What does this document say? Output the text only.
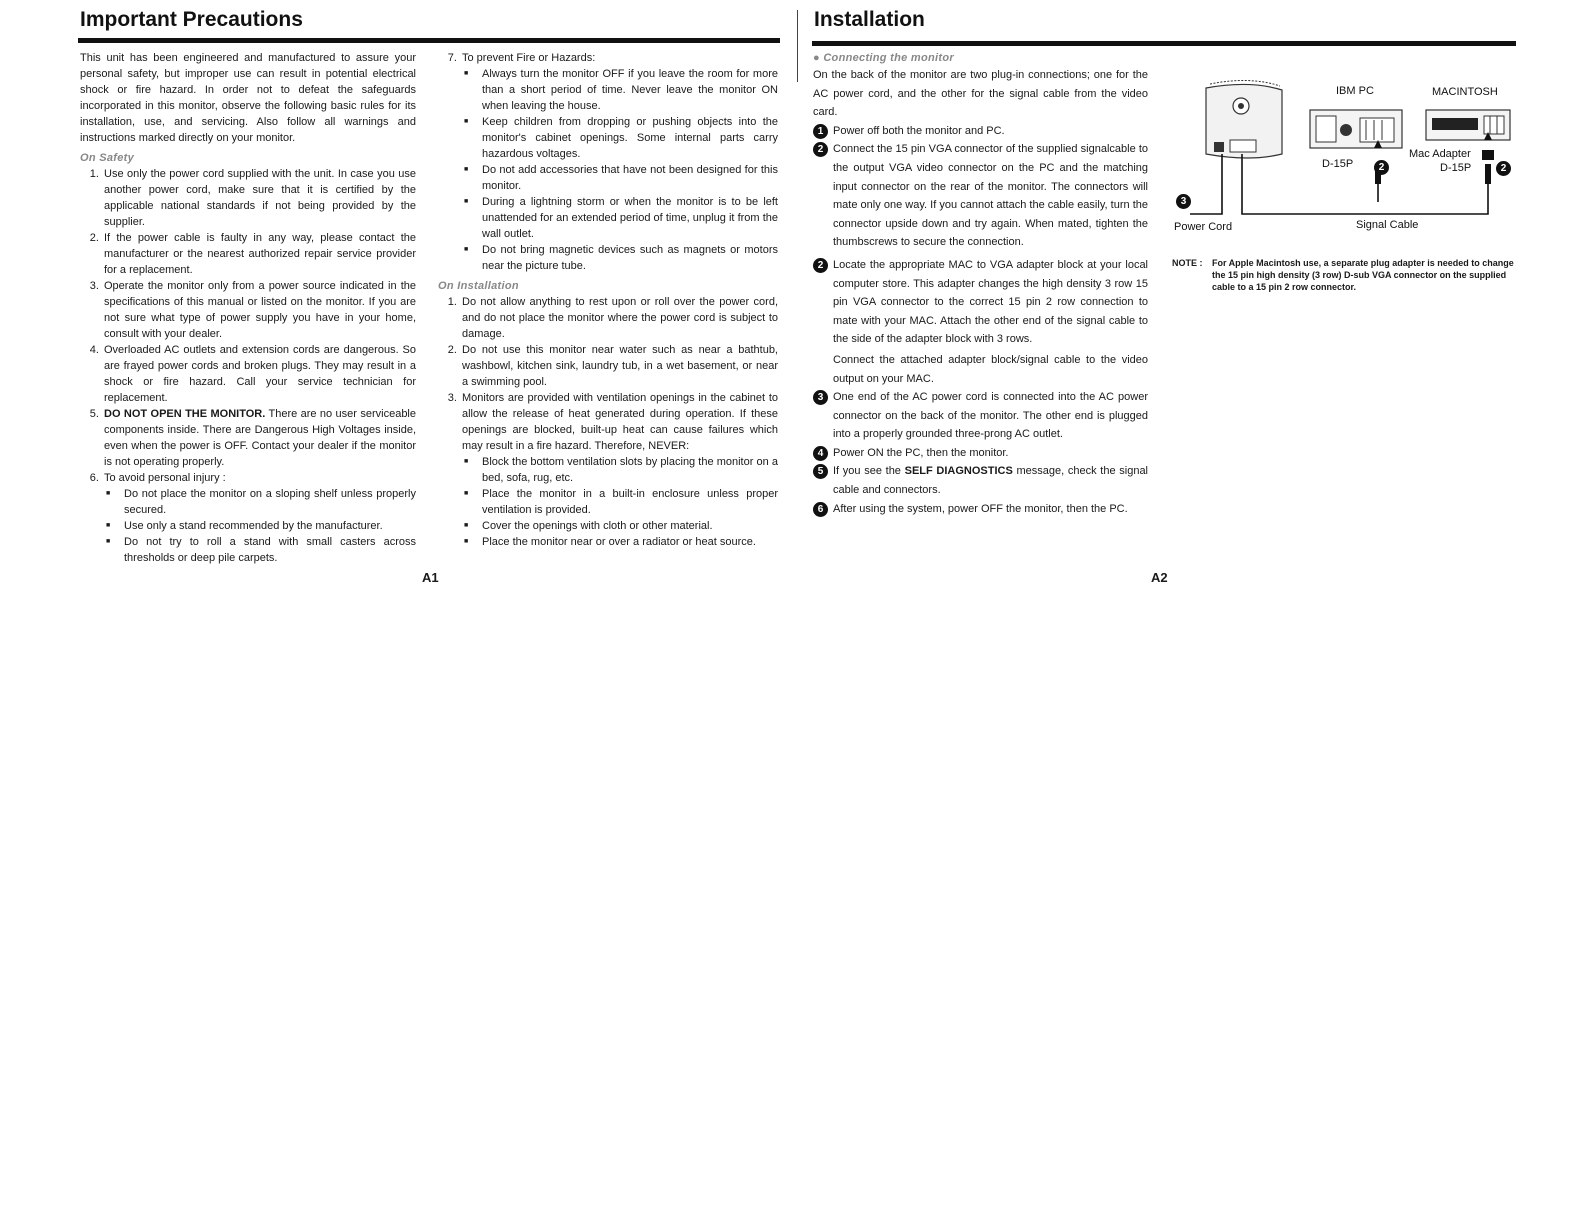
Important Precautions
This unit has been engineered and manufactured to assure your personal safety, but improper use can result in potential electrical shock or fire hazard. In order not to defeat the safeguards incorporated in this monitor, observe the following basic rules for its installation, use, and servicing. Also follow all warnings and instructions marked directly on your monitor.
On Safety
1. Use only the power cord supplied with the unit. In case you use another power cord, make sure that it is certified by the applicable national standards if not being provided by the supplier.
2. If the power cable is faulty in any way, please contact the manufacturer or the nearest authorized repair service provider for a replacement.
3. Operate the monitor only from a power source indicated in the specifications of this manual or listed on the monitor. If you are not sure what type of power supply you have in your home, consult with your dealer.
4. Overloaded AC outlets and extension cords are dangerous. So are frayed power cords and broken plugs. They may result in a shock or fire hazard. Call your service technician for replacement.
5. DO NOT OPEN THE MONITOR. There are no user serviceable components inside. There are Dangerous High Voltages inside, even when the power is OFF. Contact your dealer if the monitor is not operating properly.
6. To avoid personal injury :
■ Do not place the monitor on a sloping shelf unless properly secured.
■ Use only a stand recommended by the manufacturer.
■ Do not try to roll a stand with small casters across thresholds or deep pile carpets.
7. To prevent Fire or Hazards:
■ Always turn the monitor OFF if you leave the room for more than a short period of time. Never leave the monitor ON when leaving the house.
■ Keep children from dropping or pushing objects into the monitor's cabinet openings. Some internal parts carry hazardous voltages.
■ Do not add accessories that have not been designed for this monitor.
■ During a lightning storm or when the monitor is to be left unattended for an extended period of time, unplug it from the wall outlet.
■ Do not bring magnetic devices such as magnets or motors near the picture tube.
On Installation
1. Do not allow anything to rest upon or roll over the power cord, and do not place the monitor where the power cord is subject to damage.
2. Do not use this monitor near water such as near a bathtub, washbowl, kitchen sink, laundry tub, in a wet basement, or near a swimming pool.
3. Monitors are provided with ventilation openings in the cabinet to allow the release of heat generated during operation. If these openings are blocked, built-up heat can cause failures which may result in a fire hazard. Therefore, NEVER:
■ Block the bottom ventilation slots by placing the monitor on a bed, sofa, rug, etc.
■ Place the monitor in a built-in enclosure unless proper ventilation is provided.
■ Cover the openings with cloth or other material.
■ Place the monitor near or over a radiator or heat source.
A1
Installation
● Connecting the monitor
On the back of the monitor are two plug-in connections; one for the AC power cord, and the other for the signal cable from the video card.
1 Power off both the monitor and PC.
2 Connect the 15 pin VGA connector of the supplied signalcable to the output VGA video connector on the PC and the matching input connector on the rear of the monitor. The connectors will mate only one way. If you cannot attach the cable easily, turn the connector upside down and try again. When mated, tighten the thumbscrews to secure the connection.
2 Locate the appropriate MAC to VGA adapter block at your local computer store. This adapter changes the high density 3 row 15 pin VGA connector to the correct 15 pin 2 row connection to mate with your MAC. Attach the other end of the signal cable to the side of the adapter block with 3 rows.
Connect the attached adapter block/signal cable to the video output on your MAC.
3 One end of the AC power cord is connected into the AC power connector on the back of the monitor. The other end is plugged into a properly grounded three-prong AC outlet.
4 Power ON the PC, then the monitor.
5 If you see the SELF DIAGNOSTICS message, check the signal cable and connectors.
6 After using the system, power OFF the monitor, then the PC.
A2
IBM PC	MACINTOSH
Mac Adapter
D-15P	D-15P
2	2
3
Power Cord	Signal Cable
NOTE : For Apple Macintosh use, a separate plug adapter is needed to change the 15 pin high density (3 row) D-sub VGA connector on the supplied cable to a 15 pin 2 row connector.
